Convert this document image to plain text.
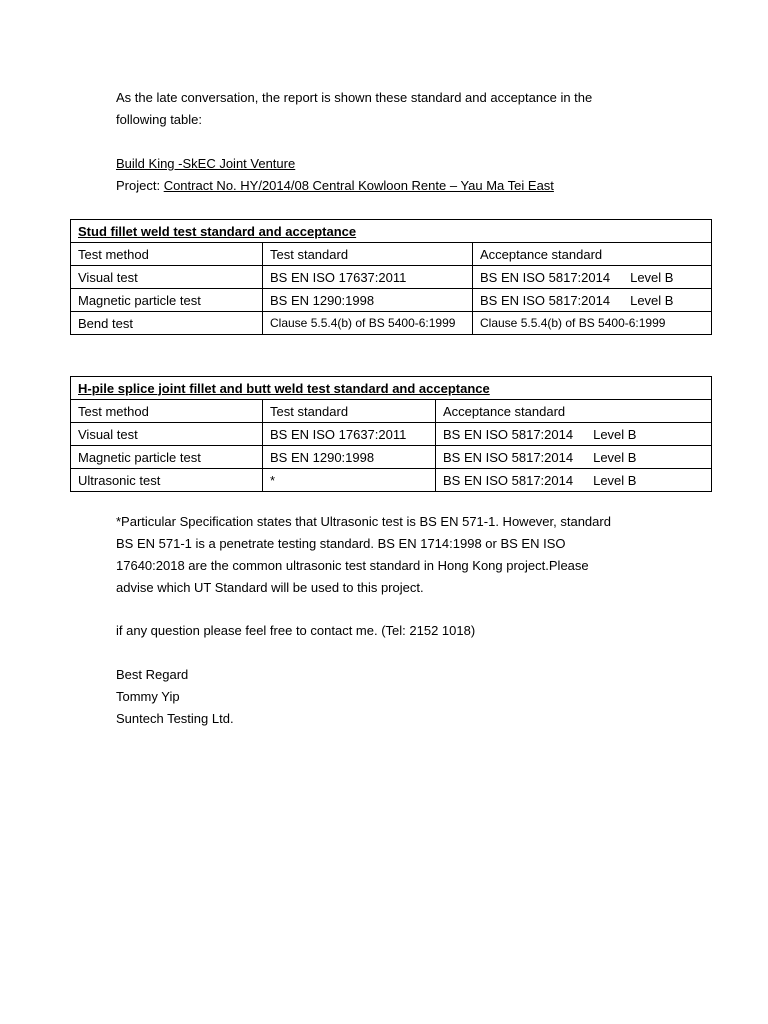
As the late conversation, the report is shown these standard and acceptance in the
following table:
Build King -SkEC Joint Venture
Project: Contract No. HY/2014/08 Central Kowloon Rente – Yau Ma Tei East
Stud fillet weld test standard and acceptance		
Test method	Test standard	Acceptance standard
Visual test	BS EN ISO 17637:2011	BS EN ISO 5817:2014 Level B
Magnetic particle test	BS EN 1290:1998	BS EN ISO 5817:2014 Level B
Bend test	Clause 5.5.4(b) of BS 5400-6:1999	Clause 5.5.4(b) of BS 5400-6:1999
H-pile splice joint fillet and butt weld test standard and acceptance		
Test method	Test standard	Acceptance standard
Visual test	BS EN ISO 17637:2011	BS EN ISO 5817:2014 Level B
Magnetic particle test	BS EN 1290:1998	BS EN ISO 5817:2014 Level B
Ultrasonic test	*	BS EN ISO 5817:2014 Level B
*Particular Specification states that Ultrasonic test is BS EN 571-1. However, standard
BS EN 571-1 is a penetrate testing standard. BS EN 1714:1998 or BS EN ISO
17640:2018 are the common ultrasonic test standard in Hong Kong project.Please
advise which UT Standard will be used to this project.
if any question please feel free to contact me. (Tel: 2152 1018)
Best Regard
Tommy Yip
Suntech Testing Ltd.
